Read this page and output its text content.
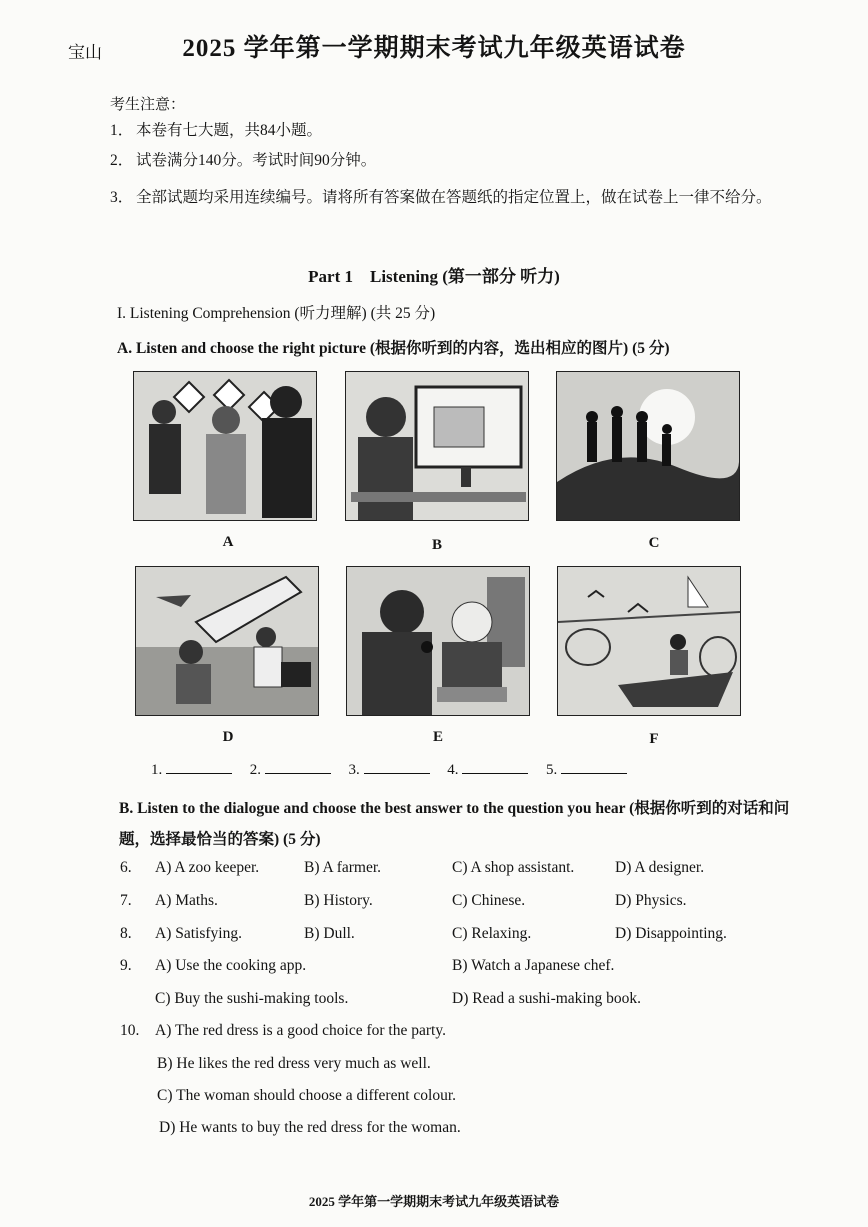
宝山	2025 学年第一学期期末考试九年级英语试卷
考生注意：
1． 本卷有七大题，共84小题。
2． 试卷满分140分。考试时间90分钟。
3． 全部试题均采用连续编号。请将所有答案做在答题纸的指定位置上，做在试卷上一律不给分。
Part 1　Listening (第一部分 听力)
I. Listening Comprehension (听力理解) (共 25 分)
A. Listen and choose the right picture (根据你听到的内容，选出相应的图片) (5 分)
A	B	C
D	E	F
1.	2.	3.	4.	5.
B. Listen to the dialogue and choose the best answer to the question you hear (根据你听到的对话和问题，选择最恰当的答案) (5 分)
6. A) A zoo keeper.	B) A farmer.	C) A shop assistant.	D) A designer.
7. A) Maths.	B) History.	C) Chinese.	D) Physics.
8. A) Satisfying.	B) Dull.	C) Relaxing.	D) Disappointing.
9. A) Use the cooking app.	B) Watch a Japanese chef.
C) Buy the sushi-making tools.	D) Read a sushi-making book.
10. A) The red dress is a good choice for the party.
B) He likes the red dress very much as well.
C) The woman should choose a different colour.
D) He wants to buy the red dress for the woman.
2025 学年第一学期期末考试九年级英语试卷
